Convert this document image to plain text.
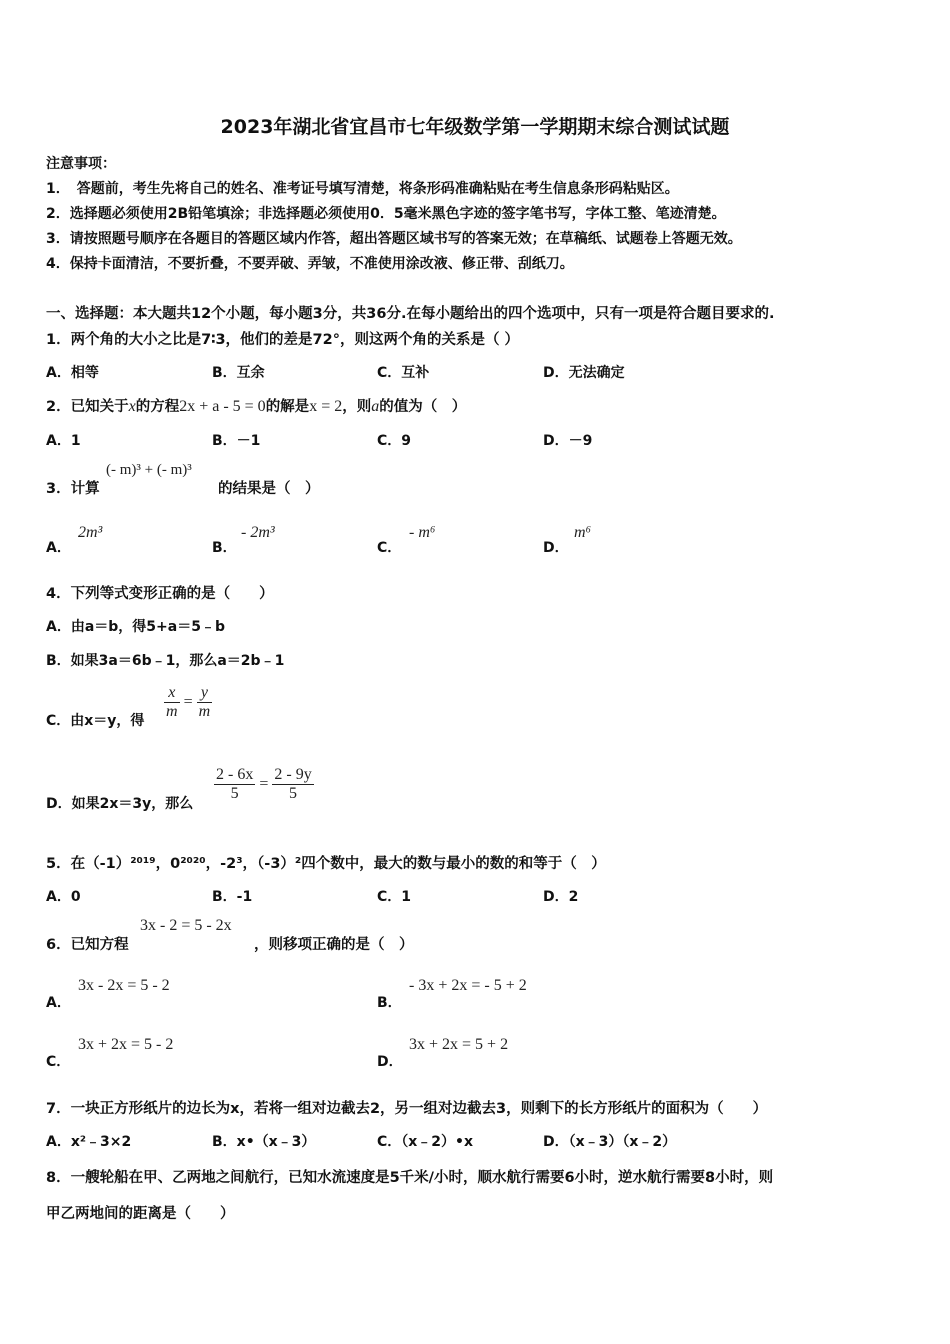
2023年湖北省宜昌市七年级数学第一学期期末综合测试试题
注意事项：
1．　答题前，考生先将自己的姓名、准考证号填写清楚，将条形码准确粘贴在考生信息条形码粘贴区。
2．选择题必须使用2B铅笔填涂；非选择题必须使用0．5毫米黑色字迹的签字笔书写，字体工整、笔迹清楚。
3．请按照题号顺序在各题目的答题区域内作答，超出答题区域书写的答案无效；在草稿纸、试题卷上答题无效。
4．保持卡面清洁，不要折叠，不要弄破、弄皱，不准使用涂改液、修正带、刮纸刀。
一、选择题：本大题共12个小题，每小题3分，共36分.在每小题给出的四个选项中，只有一项是符合题目要求的.
1．两个角的大小之比是7∶3，他们的差是72°，则这两个角的关系是（ ）
A．相等	B．互余	C．互补	D．无法确定
2．已知关于x的方程2x + a - 5 = 0的解是x = 2，则a的值为（　）
A．1	B．－1	C．9	D．－9
3．计算
(- m)³ + (- m)³
的结果是（　）
A．
2m³
B．
- 2m³
C．
- m⁶
D．
m⁶
4．下列等式变形正确的是（　　）
A．由a＝b，得5+a＝5﹣b
B．如果3a＝6b﹣1，那么a＝2b﹣1
C．由x＝y，得 $\frac{x}{m} = \frac{y}{m}$
D．如果2x＝3y，那么
$\frac{2 - 6x}{5} = \frac{2 - 9y}{5}$
5．在（-1）²⁰¹⁹，0²⁰²⁰，-2³，（-3）²四个数中，最大的数与最小的数的和等于（　）
A．0	B．-1	C．1	D．2
6．已知方程
3x - 2 = 5 - 2x
，则移项正确的是（　）
A．
3x - 2x = 5 - 2
B．
- 3x + 2x = - 5 + 2
C．
3x + 2x = 5 - 2
D．
3x + 2x = 5 + 2
7．一块正方形纸片的边长为x，若将一组对边截去2，另一组对边截去3，则剩下的长方形纸片的面积为（　　）
A．x²﹣3×2	B．x•（x﹣3）	C．（x﹣2）•x	D．（x﹣3）（x﹣2）
8．一艘轮船在甲、乙两地之间航行，已知水流速度是5千米/小时，顺水航行需要6小时，逆水航行需要8小时，则
甲乙两地间的距离是（　　）
